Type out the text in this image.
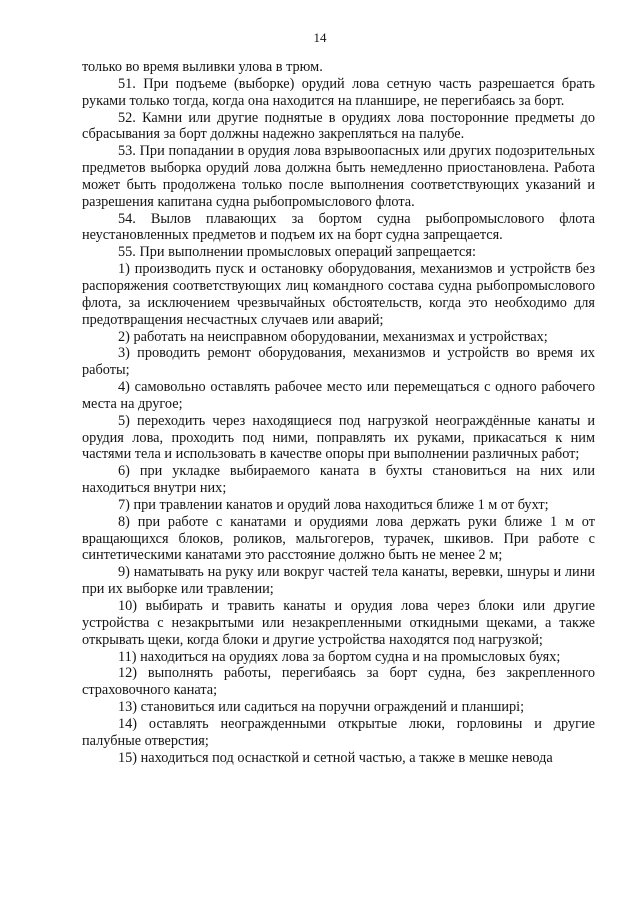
14

только во время выливки улова в трюм.

51. При подъеме (выборке) орудий лова сетную часть разрешается брать руками только тогда, когда она находится на планшире, не перегибаясь за борт.

52. Камни или другие поднятые в орудиях лова посторонние предметы до сбрасывания за борт должны надежно закрепляться на палубе.

53. При попадании в орудия лова взрывоопасных или других подозрительных предметов выборка орудий лова должна быть немедленно приостановлена. Работа может быть продолжена только после выполнения соответствующих указаний и разрешения капитана судна рыбопромыслового флота.

54. Вылов плавающих за бортом судна рыбопромыслового флота неустановленных предметов и подъем их на борт судна запрещается.

55. При выполнении промысловых операций запрещается:

1) производить пуск и остановку оборудования, механизмов и устройств без распоряжения соответствующих лиц командного состава судна рыбопромыслового флота, за исключением чрезвычайных обстоятельств, когда это необходимо для предотвращения несчастных случаев или аварий;

2) работать на неисправном оборудовании, механизмах и устройствах;

3) проводить ремонт оборудования, механизмов и устройств во время их работы;

4) самовольно оставлять рабочее место или перемещаться с одного рабочего места на другое;

5) переходить через находящиеся под нагрузкой неограждённые канаты и орудия лова, проходить под ними, поправлять их руками, прикасаться к ним частями тела и использовать в качестве опоры при выполнении различных работ;

6) при укладке выбираемого каната в бухты становиться на них или находиться внутри них;

7) при травлении канатов и орудий лова находиться ближе 1 м от бухт;

8) при работе с канатами и орудиями лова держать руки ближе 1 м от вращающихся блоков, роликов, мальгогеров, турачек, шкивов. При работе с синтетическими канатами это расстояние должно быть не менее 2 м;

9) наматывать на руку или вокруг частей тела канаты, веревки, шнуры и лини при их выборке или травлении;

10) выбирать и травить канаты и орудия лова через блоки или другие устройства с незакрытыми или незакрепленными откидными щеками, а также открывать щеки, когда блоки и другие устройства находятся под нагрузкой;

11) находиться на орудиях лова за бортом судна и на промысловых буях;

12) выполнять работы, перегибаясь за борт судна, без закрепленного страховочного каната;

13) становиться или садиться на поручни ограждений и планширі;

14) оставлять неогражденными открытые люки, горловины и другие палубные отверстия;

15) находиться под оснасткой и сетной частью, а также в мешке невода
